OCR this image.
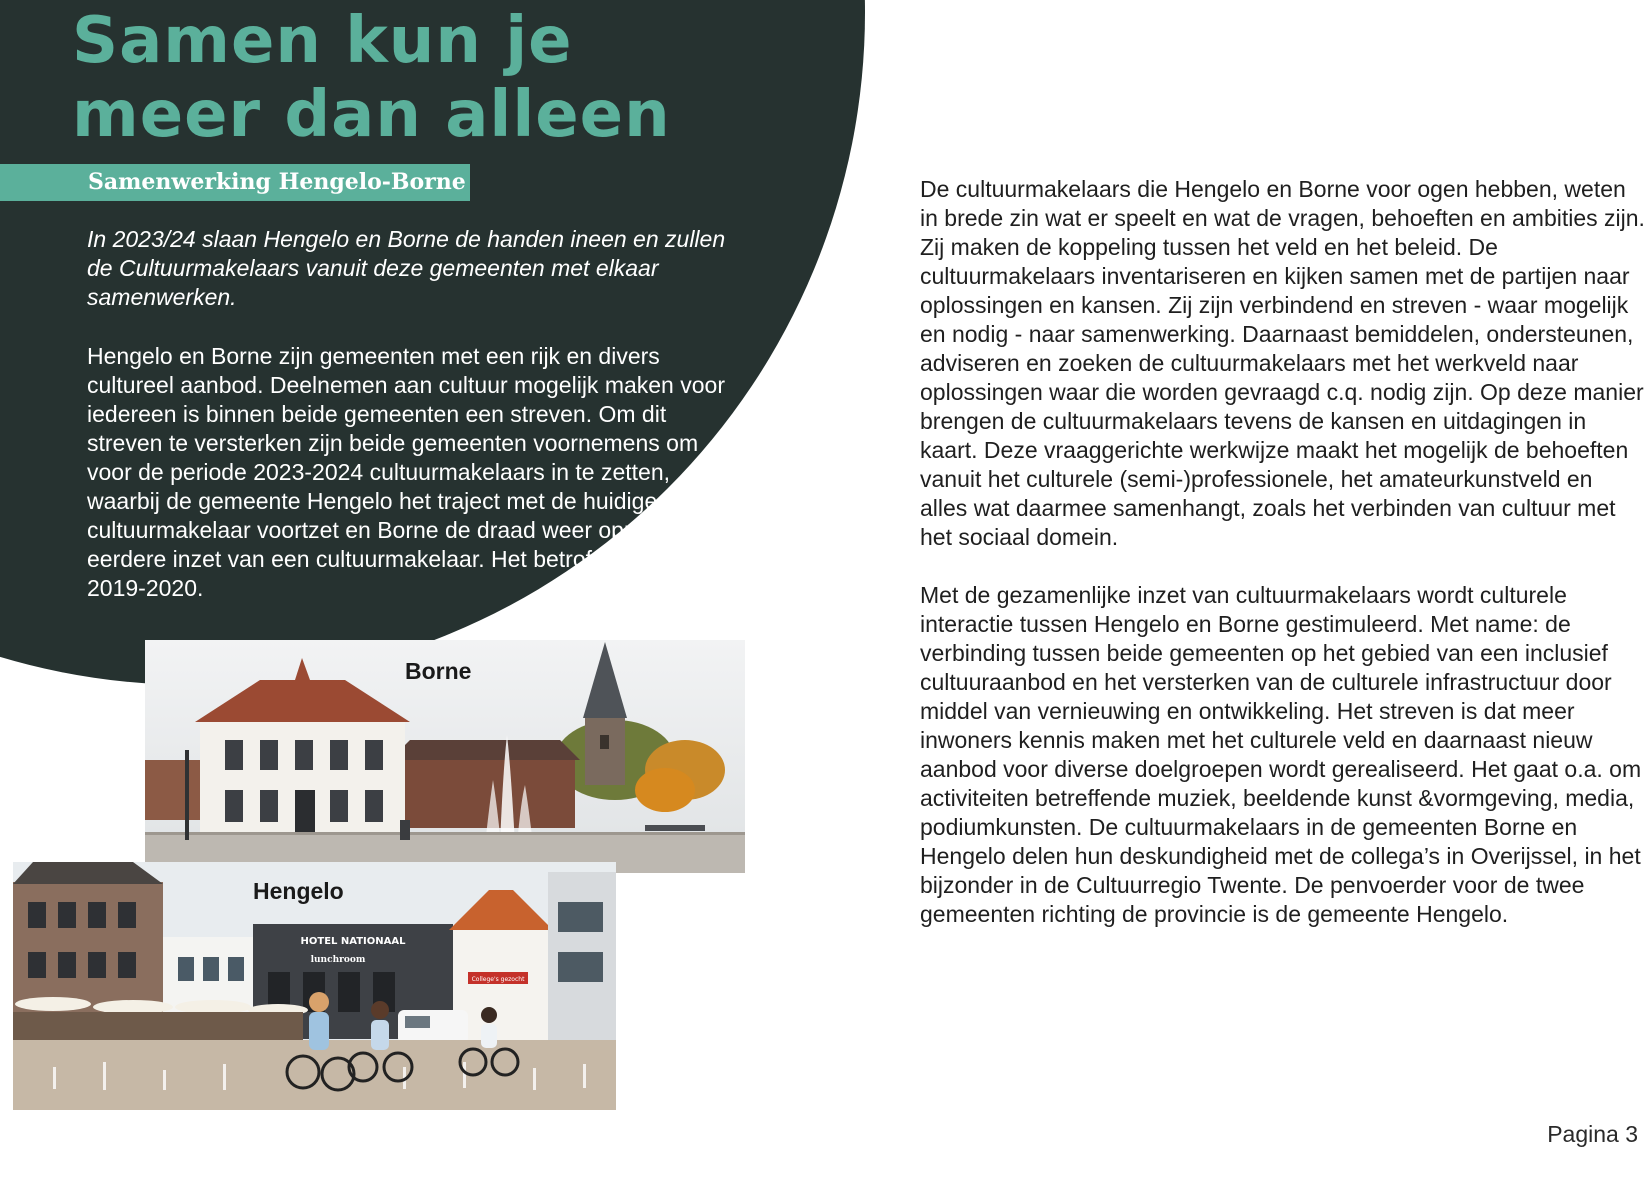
Samen kun je
meer dan alleen
Samenwerking Hengelo-Borne

In 2023/24 slaan Hengelo en Borne de handen ineen en zullen de Cultuurmakelaars vanuit deze gemeenten met elkaar samenwerken.

Hengelo en Borne zijn gemeenten met een rijk en divers cultureel aanbod. Deelnemen aan cultuur mogelijk maken voor iedereen is binnen beide gemeenten een streven. Om dit streven te versterken zijn beide gemeenten voornemens om voor de periode 2023-2024 cultuurmakelaars in te zetten, waarbij de gemeente Hengelo het traject met de huidige cultuurmakelaar voortzet en Borne de draad weer oppakt van de eerdere inzet van een cultuurmakelaar. Het betrof de periode 2019-2020.

De cultuurmakelaars die Hengelo en Borne voor ogen hebben, weten in brede zin wat er speelt en wat de vragen, behoeften en ambities zijn. Zij maken de koppeling tussen het veld en het beleid. De cultuurmakelaars inventariseren en kijken samen met de partijen naar oplossingen en kansen. Zij zijn verbindend en streven - waar mogelijk en nodig - naar samenwerking. Daarnaast bemiddelen, ondersteunen, adviseren en zoeken de cultuurmakelaars met het werkveld naar oplossingen waar die worden gevraagd c.q. nodig zijn. Op deze manier brengen de cultuurmakelaars tevens de kansen en uitdagingen in kaart. Deze vraaggerichte werkwijze maakt het mogelijk de behoeften vanuit het culturele (semi-)professionele, het amateurkunstveld en alles wat daarmee samenhangt, zoals het verbinden van cultuur met het sociaal domein.

Met de gezamenlijke inzet van cultuurmakelaars wordt culturele interactie tussen Hengelo en Borne gestimuleerd. Met name: de verbinding tussen beide gemeenten op het gebied van een inclusief cultuuraanbod en het versterken van de culturele infrastructuur door middel van vernieuwing en ontwikkeling. Het streven is dat meer inwoners kennis maken met het culturele veld en daarnaast nieuw aanbod voor diverse doelgroepen wordt gerealiseerd. Het gaat o.a. om activiteiten betreffende muziek, beeldende kunst &vormgeving, media, podiumkunsten. De cultuurmakelaars in de gemeenten Borne en Hengelo delen hun deskundigheid met de collega’s in Overijssel, in het bijzonder in de Cultuurregio Twente. De penvoerder voor de twee gemeenten richting de provincie is de gemeente Hengelo.

Borne
HOTEL NATIONAAL
lunchroom
College's gezocht
Hengelo
Pagina 3
